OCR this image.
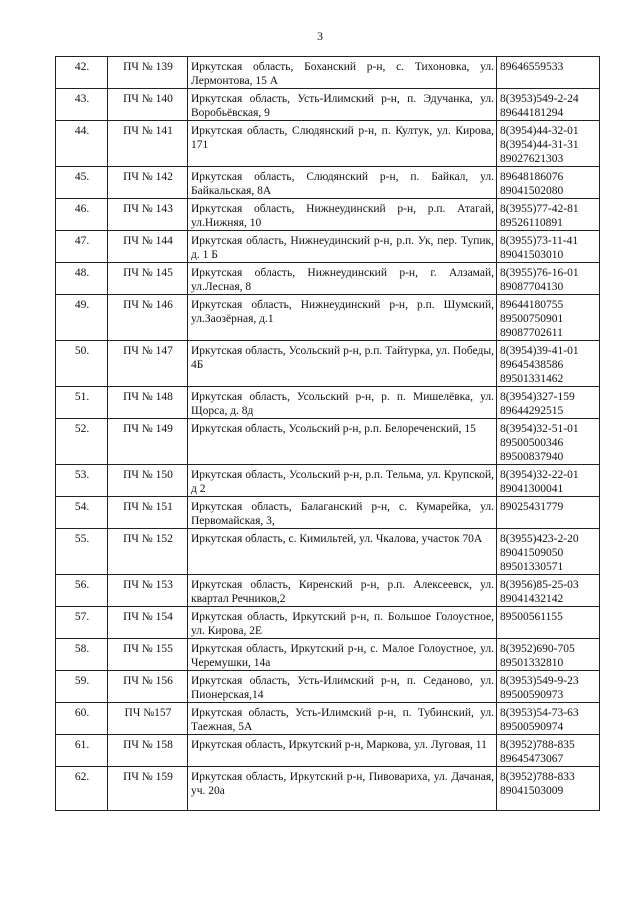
3
42.	ПЧ № 139	Иркутская область, Боханский р-н, с. Тихоновка, ул. Лермонтова, 15 А	89646559533

43.	ПЧ № 140	Иркутская область, Усть-Илимский р-н, п. Эдучанка, ул. Воробьёвская, 9	8(3953)549-2-24
89644181294

44.	ПЧ № 141	Иркутская область, Слюдянский р-н, п. Култук, ул. Кирова, 171	8(3954)44-32-01
8(3954)44-31-31
89027621303

45.	ПЧ № 142	Иркутская область, Слюдянский р-н, п. Байкал, ул. Байкальская, 8А	89648186076
89041502080

46.	ПЧ № 143	Иркутская область, Нижнеудинский р-н, р.п. Атагай, ул.Нижняя, 10	8(3955)77-42-81
89526110891

47.	ПЧ № 144	Иркутская область, Нижнеудинский р-н, р.п. Ук, пер. Тупик, д. 1 Б	8(3955)73-11-41
89041503010

48.	ПЧ № 145	Иркутская область, Нижнеудинский р-н, г. Алзамай, ул.Лесная, 8	8(3955)76-16-01
89087704130

49.	ПЧ № 146	Иркутская область, Нижнеудинский р-н, р.п. Шумский, ул.Заозёрная, д.1	89644180755
89500750901
89087702611

50.	ПЧ № 147	Иркутская область, Усольский р-н, р.п. Тайтурка, ул. Победы, 4Б	8(3954)39-41-01
89645438586
89501331462

51.	ПЧ № 148	Иркутская область, Усольский р-н, р. п. Мишелёвка, ул. Щорса, д. 8д	8(3954)327-159
89644292515

52.	ПЧ № 149	Иркутская область, Усольский р-н, р.п. Белореченский, 15	8(3954)32-51-01
89500500346
89500837940

53.	ПЧ № 150	Иркутская область, Усольский р-н, р.п. Тельма, ул. Крупской, д 2	8(3954)32-22-01
89041300041

54.	ПЧ № 151	Иркутская область, Балаганский р-н, с. Кумарейка, ул. Первомайская, 3,	89025431779

55.	ПЧ № 152	Иркутская область, с. Кимильтей, ул. Чкалова, участок 70А	8(3955)423-2-20
89041509050
89501330571

56.	ПЧ № 153	Иркутская область, Киренский р-н, р.п. Алексеевск, ул. квартал Речников,2	8(3956)85-25-03
89041432142

57.	ПЧ № 154	Иркутская область, Иркутский р-н, п. Большое Голоустное, ул. Кирова, 2Е	89500561155

58.	ПЧ № 155	Иркутская область, Иркутский р-н, с. Малое Голоустное, ул. Черемушки, 14а	8(3952)690-705
89501332810

59.	ПЧ № 156	Иркутская область, Усть-Илимский р-н, п. Седаново, ул. Пионерская,14	8(3953)549-9-23
89500590973

60.	ПЧ №157	Иркутская область, Усть-Илимский р-н, п. Тубинский, ул. Таежная, 5А	8(3953)54-73-63
89500590974

61.	ПЧ № 158	Иркутская область, Иркутский р-н, Маркова, ул. Луговая, 11	8(3952)788-835
89645473067

62.	ПЧ № 159	Иркутская область, Иркутский р-н, Пивовариха, ул. Дачаная, уч. 20а	8(3952)788-833
89041503009
